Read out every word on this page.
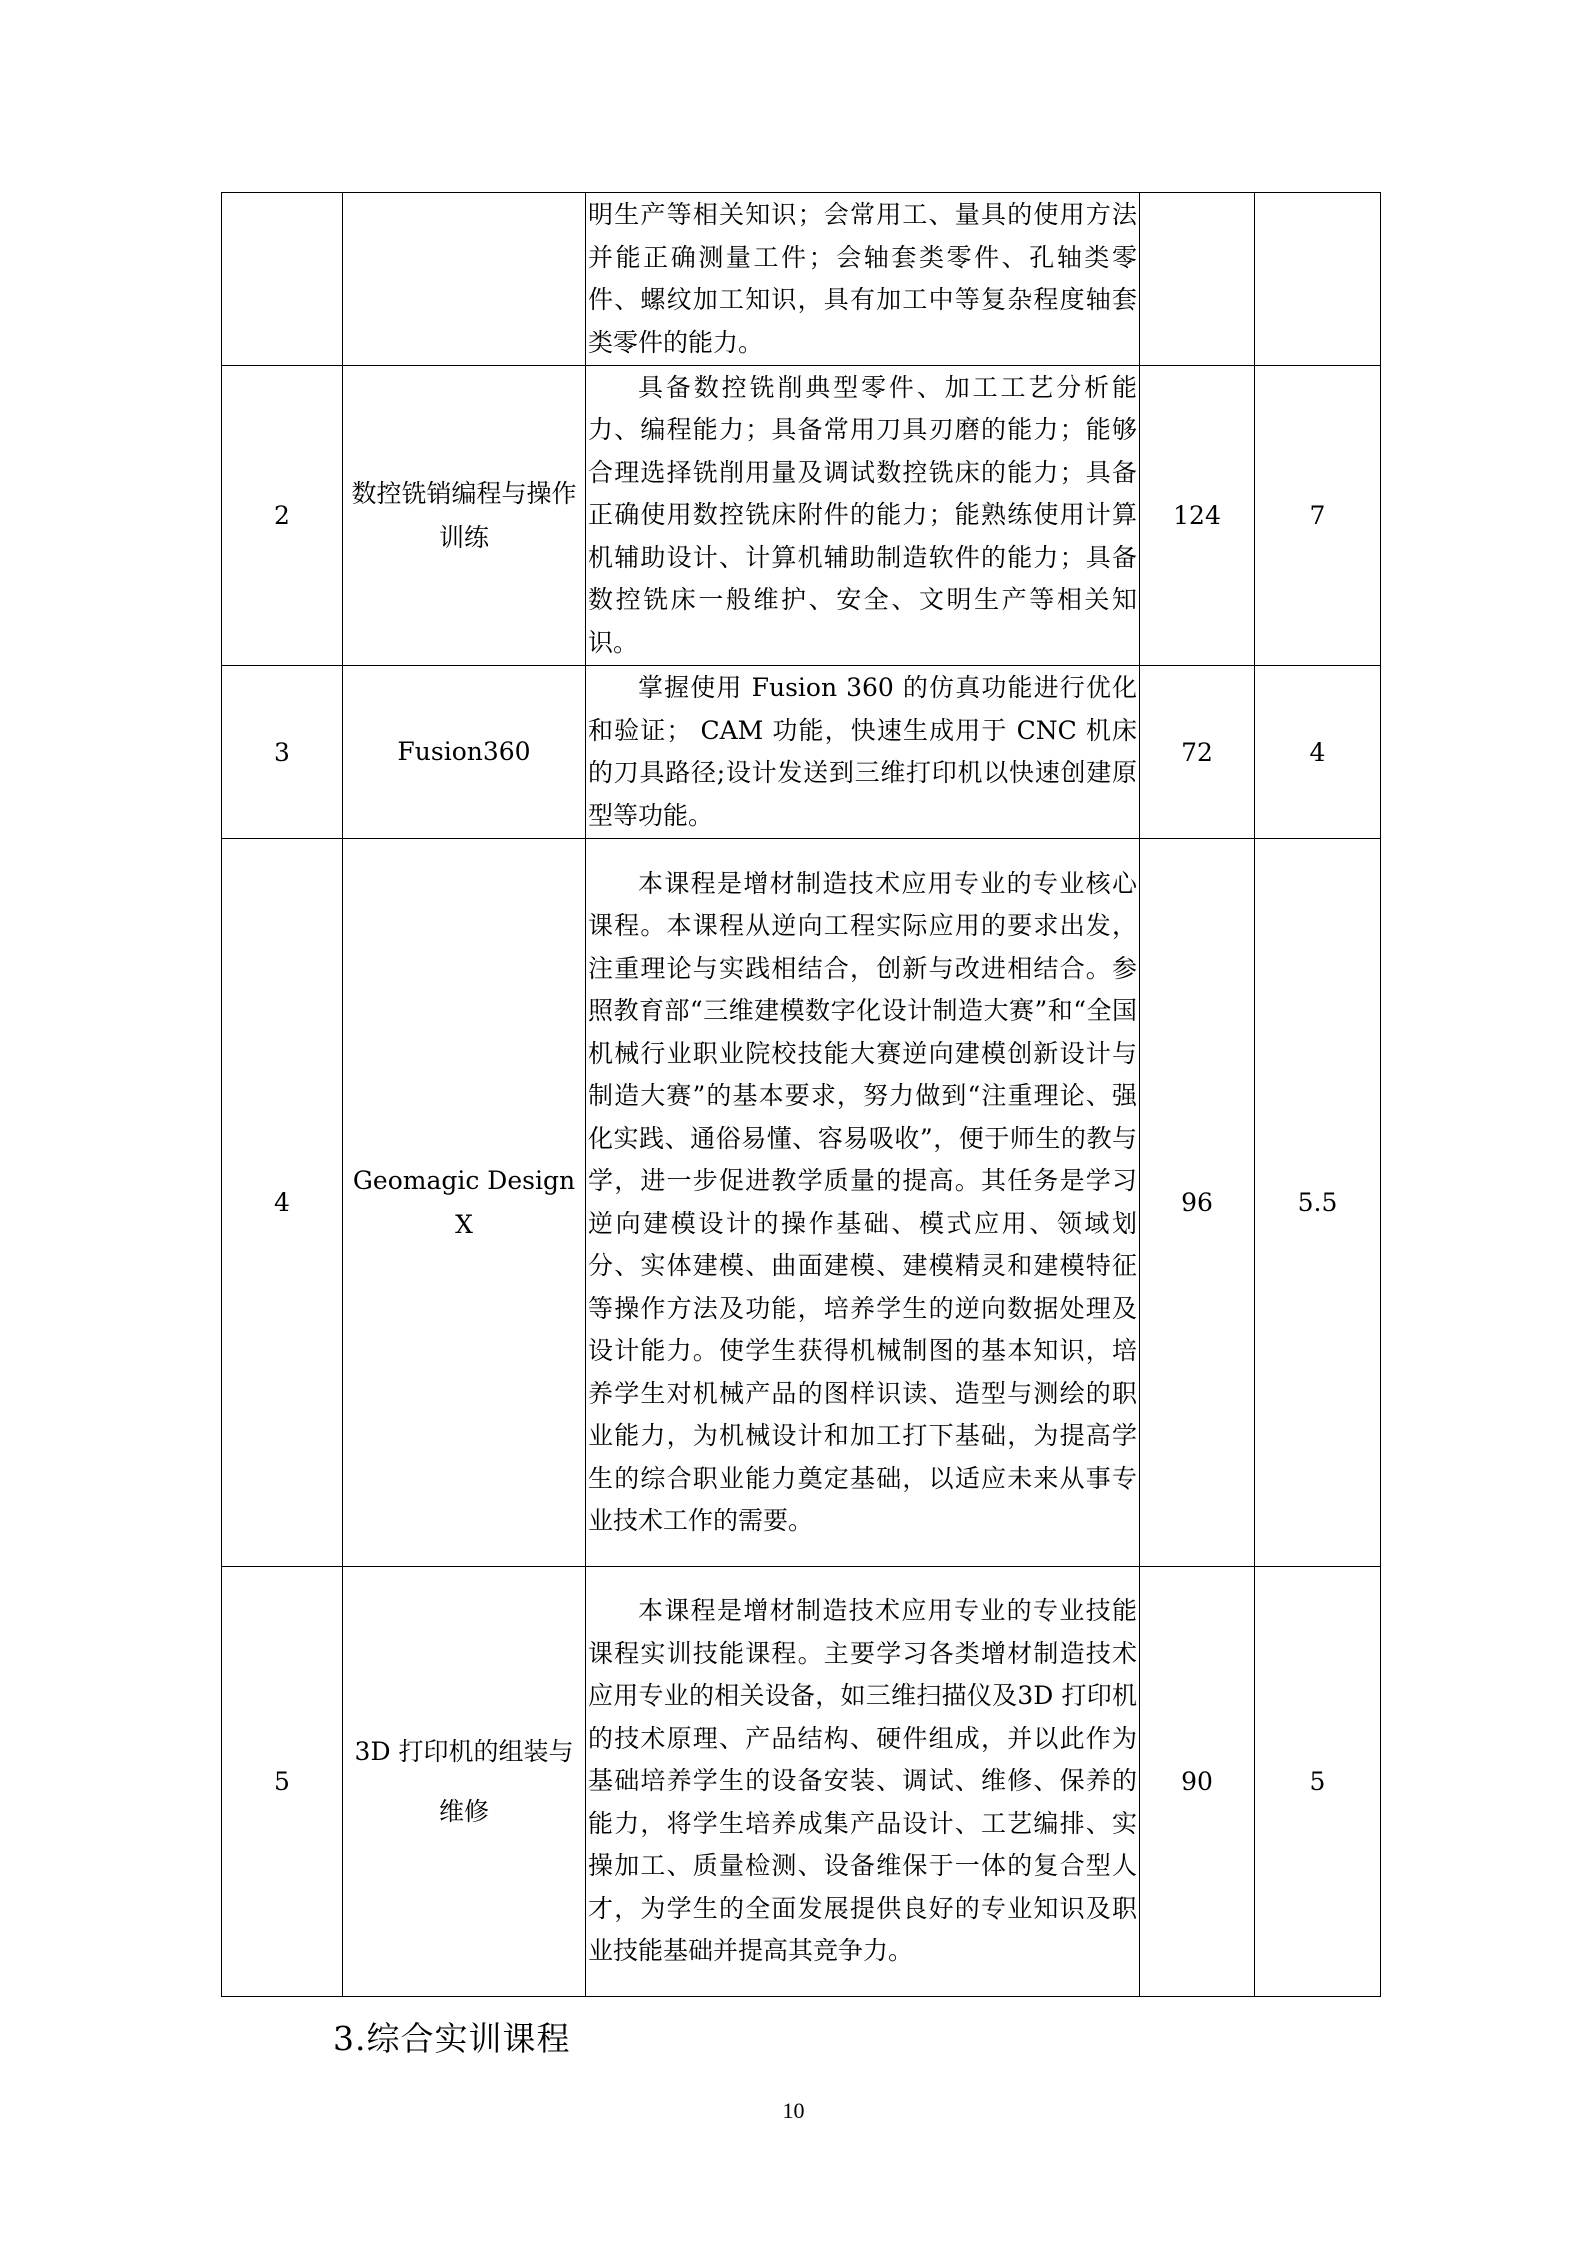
		明生产等相关知识；会常用工、量具的使用方法并能正确测量工件；会轴套类零件、孔轴类零件、螺纹加工知识，具有加工中等复杂程度轴套类零件的能力。		

2	数控铣销编程与操作训练	具备数控铣削典型零件、加工工艺分析能力、编程能力；具备常用刀具刃磨的能力；能够合理选择铣削用量及调试数控铣床的能力；具备正确使用数控铣床附件的能力；能熟练使用计算机辅助设计、计算机辅助制造软件的能力；具备数控铣床一般维护、安全、文明生产等相关知识。	124	7
3	Fusion360	掌握使用 Fusion 360 的仿真功能进行优化和验证； CAM 功能，快速生成用于 CNC 机床的刀具路径;设计发送到三维打印机以快速创建原型等功能。	72	4
4	Geomagic Design X	本课程是增材制造技术应用专业的专业核心课程。本课程从逆向工程实际应用的要求出发，注重理论与实践相结合，创新与改进相结合。参照教育部“三维建模数字化设计制造大赛”和“全国机械行业职业院校技能大赛逆向建模创新设计与制造大赛”的基本要求，努力做到“注重理论、强化实践、通俗易懂、容易吸收”，便于师生的教与学，进一步促进教学质量的提高。其任务是学习逆向建模设计的操作基础、模式应用、领域划分、实体建模、曲面建模、建模精灵和建模特征等操作方法及功能，培养学生的逆向数据处理及设计能力。使学生获得机械制图的基本知识，培养学生对机械产品的图样识读、造型与测绘的职业能力，为机械设计和加工打下基础，为提高学生的综合职业能力奠定基础，以适应未来从事专业技术工作的需要。	96	5.5
5	3D 打印机的组装与维修	本课程是增材制造技术应用专业的专业技能课程实训技能课程。主要学习各类增材制造技术应用专业的相关设备，如三维扫描仪及3D 打印机的技术原理、产品结构、硬件组成，并以此作为基础培养学生的设备安装、调试、维修、保养的能力，将学生培养成集产品设计、工艺编排、实操加工、质量检测、设备维保于一体的复合型人才，为学生的全面发展提供良好的专业知识及职业技能基础并提高其竞争力。	90	5
3.综合实训课程
10
